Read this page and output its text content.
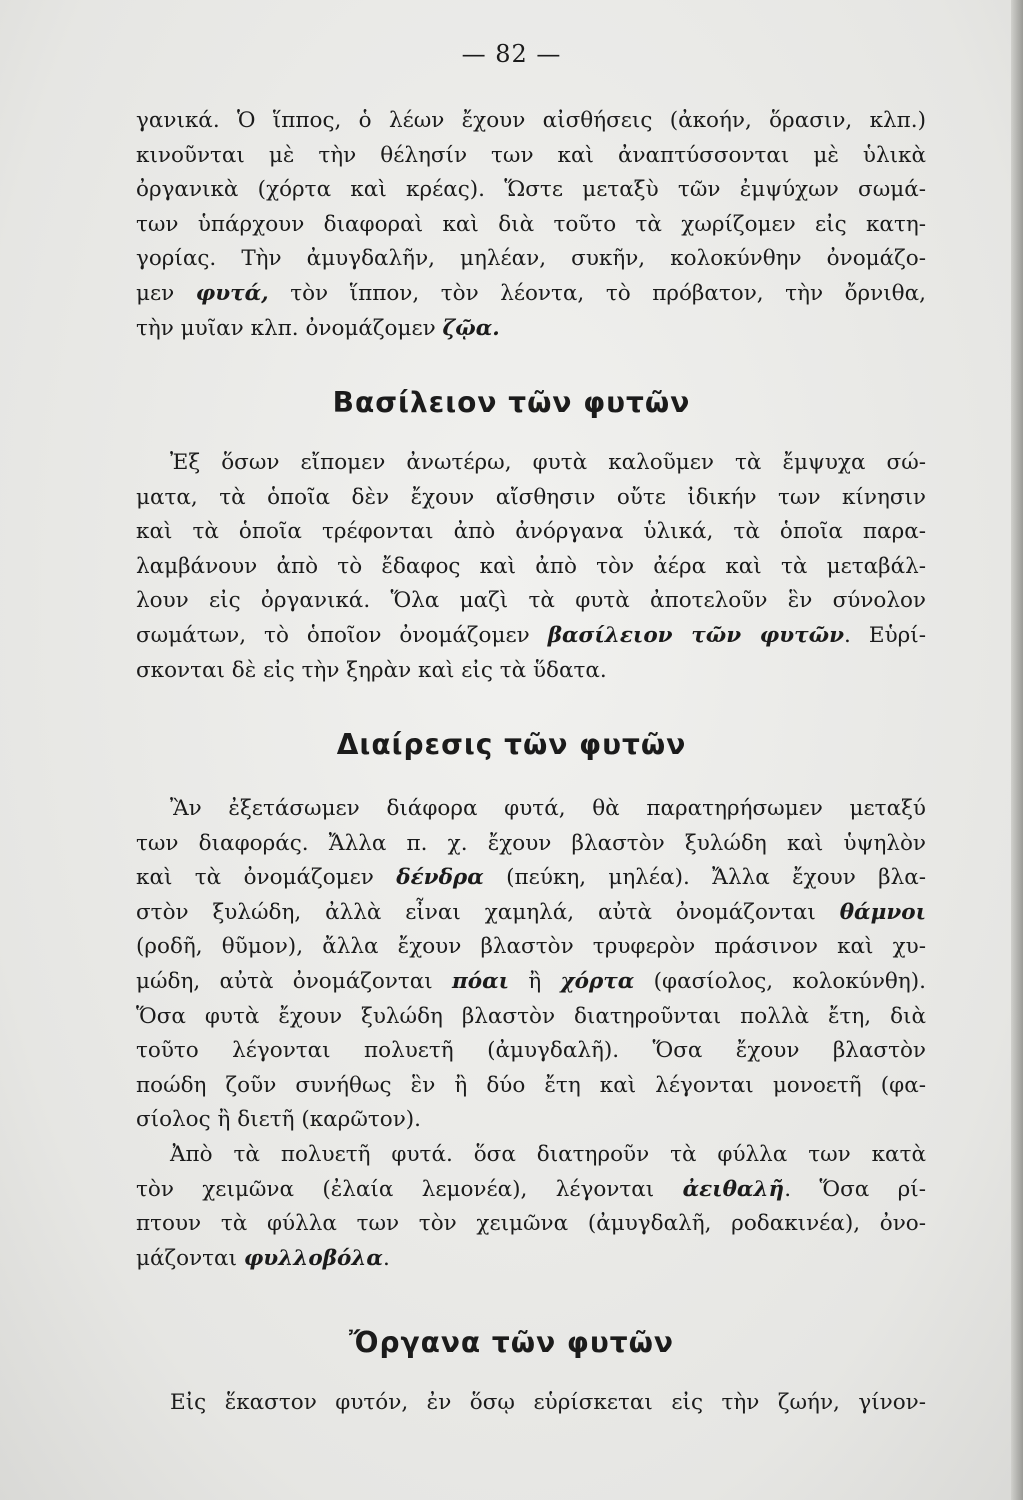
— 82 —
γανικά. Ὁ ἵππος, ὁ λέων ἔχουν αἰσθήσεις (ἀκοήν, ὅρασιν, κλπ.)
κινοῦνται μὲ τὴν θέλησίν των καὶ ἀναπτύσσονται μὲ ὑλικὰ
ὀργανικὰ (χόρτα καὶ κρέας). Ὥστε μεταξὺ τῶν ἐμψύχων σωμά-
των ὑπάρχουν διαφοραὶ καὶ διὰ τοῦτο τὰ χωρίζομεν εἰς κατη-
γορίας. Τὴν ἀμυγδαλῆν, μηλέαν, συκῆν, κολοκύνθην ὀνομάζο-
μεν φυτά, τὸν ἵππον, τὸν λέοντα, τὸ πρόβατον, τὴν ὄρνιθα,
τὴν μυῖαν κλπ. ὀνομάζομεν ζῷα.
Βασίλειον τῶν φυτῶν
Ἐξ ὅσων εἴπομεν ἀνωτέρω, φυτὰ καλοῦμεν τὰ ἔμψυχα σώ-
ματα, τὰ ὁποῖα δὲν ἔχουν αἴσθησιν οὔτε ἰδικήν των κίνησιν
καὶ τὰ ὁποῖα τρέφονται ἀπὸ ἀνόργανα ὑλικά, τὰ ὁποῖα παρα-
λαμβάνουν ἀπὸ τὸ ἔδαφος καὶ ἀπὸ τὸν ἀέρα καὶ τὰ μεταβάλ-
λουν εἰς ὀργανικά. Ὅλα μαζὶ τὰ φυτὰ ἀποτελοῦν ἓν σύνολον
σωμάτων, τὸ ὁποῖον ὀνομάζομεν βασίλειον τῶν φυτῶν. Εὑρί-
σκονται δὲ εἰς τὴν ξηρὰν καὶ εἰς τὰ ὕδατα.
Διαίρεσις τῶν φυτῶν
Ἂν ἐξετάσωμεν διάφορα φυτά, θὰ παρατηρήσωμεν μεταξύ
των διαφοράς. Ἄλλα π. χ. ἔχουν βλαστὸν ξυλώδη καὶ ὑψηλὸν
καὶ τὰ ὀνομάζομεν δένδρα (πεύκη, μηλέα). Ἄλλα ἔχουν βλα-
στὸν ξυλώδη, ἀλλὰ εἶναι χαμηλά, αὐτὰ ὀνομάζονται θάμνοι
(ροδῆ, θῦμον), ἄλλα ἔχουν βλαστὸν τρυφερὸν πράσινον καὶ χυ-
μώδη, αὐτὰ ὀνομάζονται πόαι ἢ χόρτα (φασίολος, κολοκύνθη).
Ὅσα φυτὰ ἔχουν ξυλώδη βλαστὸν διατηροῦνται πολλὰ ἔτη, διὰ
τοῦτο λέγονται πολυετῆ (ἀμυγδαλῆ). Ὅσα ἔχουν βλαστὸν
ποώδη ζοῦν συνήθως ἓν ἢ δύο ἔτη καὶ λέγονται μονοετῆ (φα-
σίολος ἢ διετῆ (καρῶτον).
Ἀπὸ τὰ πολυετῆ φυτά. ὅσα διατηροῦν τὰ φύλλα των κατὰ
τὸν χειμῶνα (ἐλαία λεμονέα), λέγονται ἀειθαλῆ. Ὅσα ρί-
πτουν τὰ φύλλα των τὸν χειμῶνα (ἀμυγδαλῆ, ροδακινέα), ὀνο-
μάζονται φυλλοβόλα.
Ὄργανα τῶν φυτῶν
Εἰς ἕκαστον φυτόν, ἐν ὅσῳ εὑρίσκεται εἰς τὴν ζωήν, γίνον-
